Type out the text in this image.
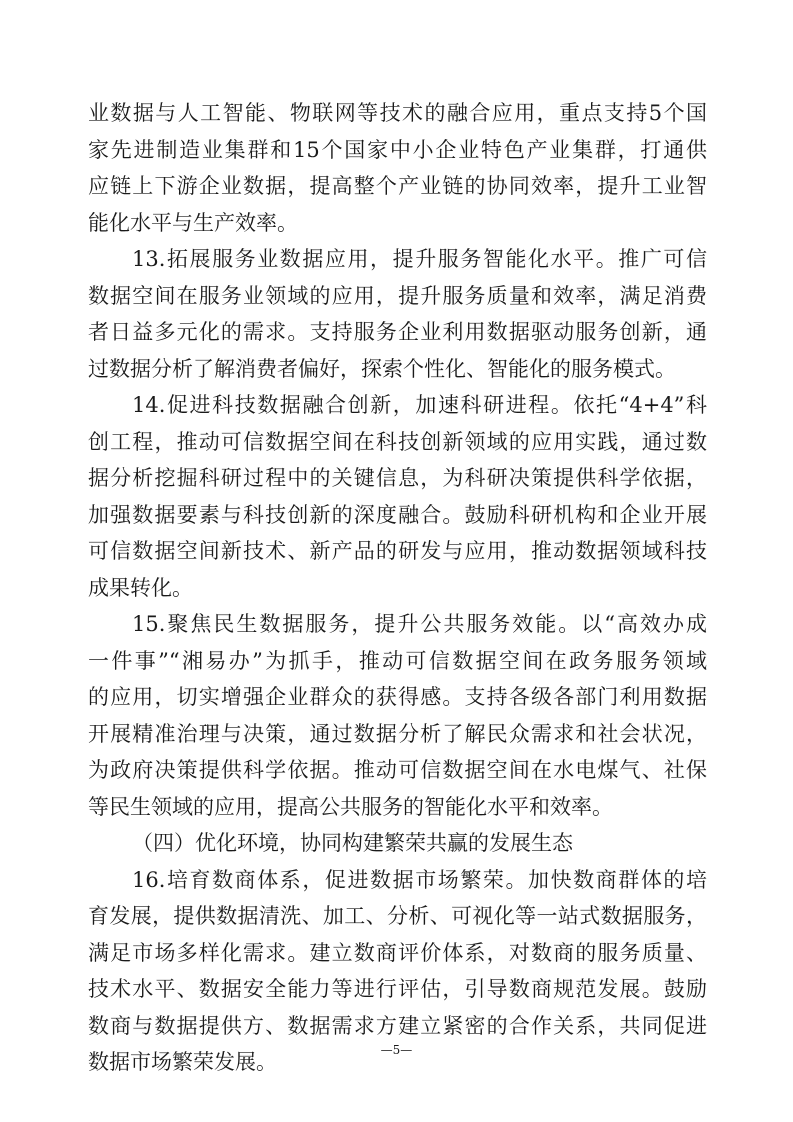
业数据与人工智能、物联网等技术的融合应用，重点支持5个国
家先进制造业集群和15个国家中小企业特色产业集群，打通供
应链上下游企业数据，提高整个产业链的协同效率，提升工业智
能化水平与生产效率。
13.拓展服务业数据应用，提升服务智能化水平。推广可信
数据空间在服务业领域的应用，提升服务质量和效率，满足消费
者日益多元化的需求。支持服务企业利用数据驱动服务创新，通
过数据分析了解消费者偏好，探索个性化、智能化的服务模式。
14.促进科技数据融合创新，加速科研进程。依托“4+4”科
创工程，推动可信数据空间在科技创新领域的应用实践，通过数
据分析挖掘科研过程中的关键信息，为科研决策提供科学依据，
加强数据要素与科技创新的深度融合。鼓励科研机构和企业开展
可信数据空间新技术、新产品的研发与应用，推动数据领域科技
成果转化。
15.聚焦民生数据服务，提升公共服务效能。以“高效办成
一件事”“湘易办”为抓手，推动可信数据空间在政务服务领域
的应用，切实增强企业群众的获得感。支持各级各部门利用数据
开展精准治理与决策，通过数据分析了解民众需求和社会状况，
为政府决策提供科学依据。推动可信数据空间在水电煤气、社保
等民生领域的应用，提高公共服务的智能化水平和效率。
（四）优化环境，协同构建繁荣共赢的发展生态
16.培育数商体系，促进数据市场繁荣。加快数商群体的培
育发展，提供数据清洗、加工、分析、可视化等一站式数据服务，
满足市场多样化需求。建立数商评价体系，对数商的服务质量、
技术水平、数据安全能力等进行评估，引导数商规范发展。鼓励
数商与数据提供方、数据需求方建立紧密的合作关系，共同促进
数据市场繁荣发展。	—5—
